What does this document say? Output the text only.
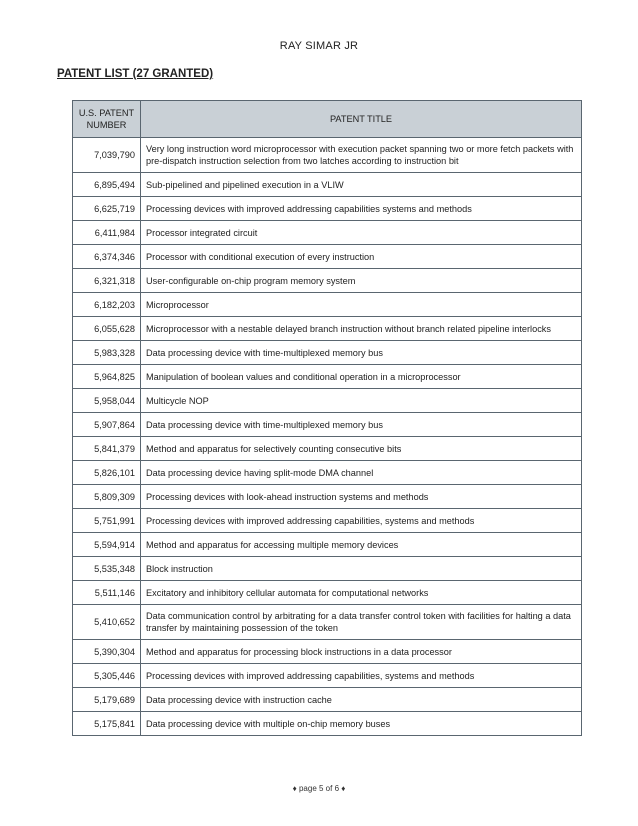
RAY SIMAR JR
PATENT LIST (27 GRANTED)
U.S. PATENT NUMBER	PATENT TITLE
7,039,790	Very long instruction word microprocessor with execution packet spanning two or more fetch packets with pre-dispatch instruction selection from two latches according to instruction bit
6,895,494	Sub-pipelined and pipelined execution in a VLIW
6,625,719	Processing devices with improved addressing capabilities systems and methods
6,411,984	Processor integrated circuit
6,374,346	Processor with conditional execution of every instruction
6,321,318	User-configurable on-chip program memory system
6,182,203	Microprocessor
6,055,628	Microprocessor with a nestable delayed branch instruction without branch related pipeline interlocks
5,983,328	Data processing device with time-multiplexed memory bus
5,964,825	Manipulation of boolean values and conditional operation in a microprocessor
5,958,044	Multicycle NOP
5,907,864	Data processing device with time-multiplexed memory bus
5,841,379	Method and apparatus for selectively counting consecutive bits
5,826,101	Data processing device having split-mode DMA channel
5,809,309	Processing devices with look-ahead instruction systems and methods
5,751,991	Processing devices with improved addressing capabilities, systems and methods
5,594,914	Method and apparatus for accessing multiple memory devices
5,535,348	Block instruction
5,511,146	Excitatory and inhibitory cellular automata for computational networks
5,410,652	Data communication control by arbitrating for a data transfer control token with facilities for halting a data transfer by maintaining possession of the token
5,390,304	Method and apparatus for processing block instructions in a data processor
5,305,446	Processing devices with improved addressing capabilities, systems and methods
5,179,689	Data processing device with instruction cache
5,175,841	Data processing device with multiple on-chip memory buses
♦ page 5 of 6 ♦
